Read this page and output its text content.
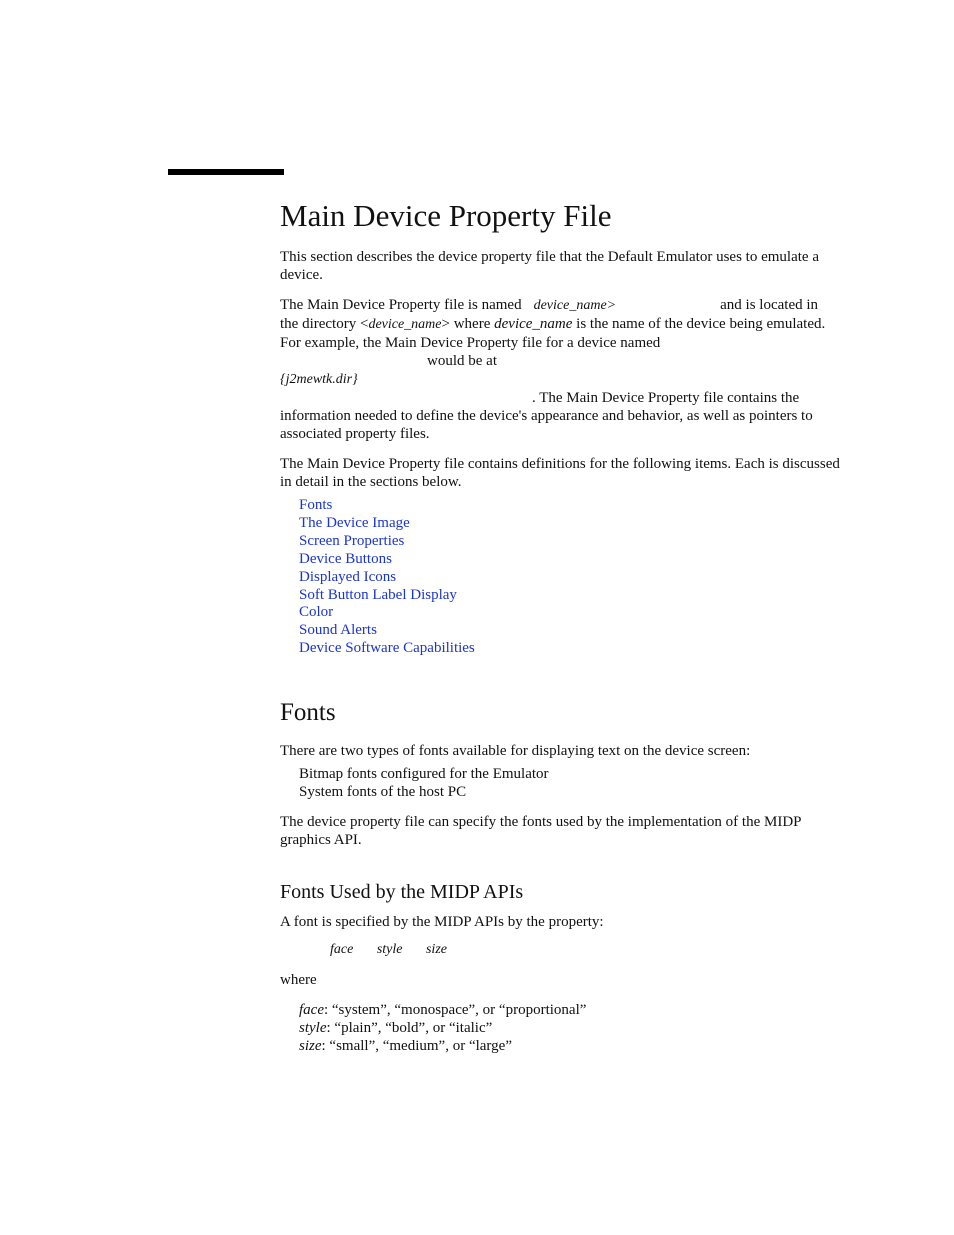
Main Device Property File

This section describes the device property file that the Default Emulator uses to emulate a device.

The Main Device Property file is named device_name>	and is located in the directory <device_name> where device_name is the name of the device being emulated. For example, the Main Device Property file for a device named
would be at
{j2mewtk.dir}
. The Main Device Property file contains the information needed to define the device's appearance and behavior, as well as pointers to associated property files.

The Main Device Property file contains definitions for the following items. Each is discussed in detail in the sections below.

Fonts
The Device Image
Screen Properties
Device Buttons
Displayed Icons
Soft Button Label Display
Color
Sound Alerts
Device Software Capabilities
Fonts

There are two types of fonts available for displaying text on the device screen:

Bitmap fonts configured for the Emulator
System fonts of the host PC

The device property file can specify the fonts used by the implementation of the MIDP graphics API.

Fonts Used by the MIDP APIs

A font is specified by the MIDP APIs by the property:

face style size

where

face: “system”, “monospace”, or “proportional”
style: “plain”, “bold”, or “italic”
size: “small”, “medium”, or “large”
